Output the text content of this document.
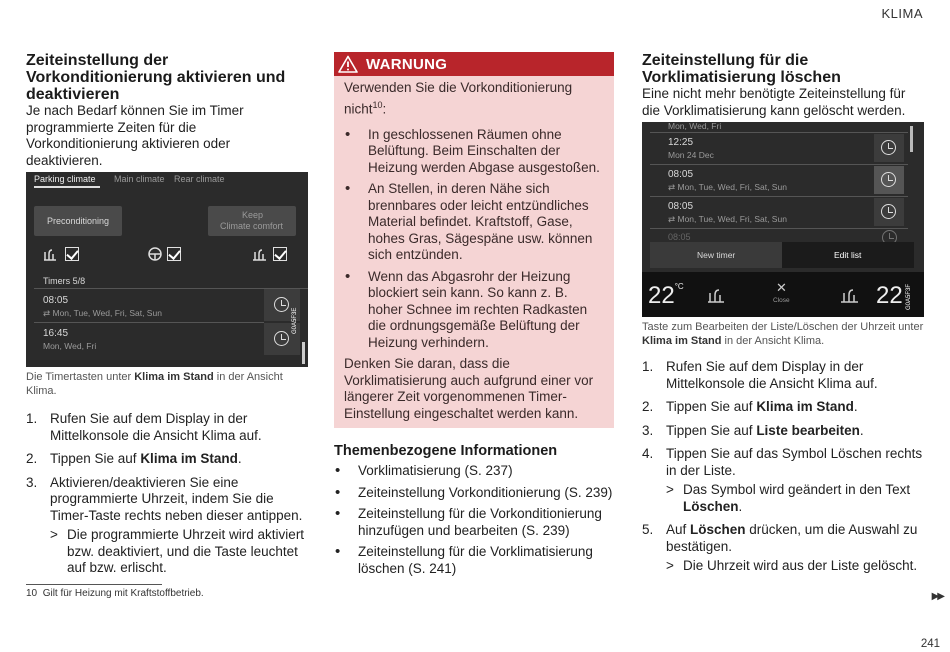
KLIMA
Zeiteinstellung der Vorkonditionierung aktivieren und deaktivieren

Je nach Bedarf können Sie im Timer programmierte Zeiten für die Vorkonditionierung aktivieren oder deaktivieren.

Parking climate Main climate Rear climate
Preconditioning
Keep
Climate comfort
Timers 5/8
08:05
⇄ Mon, Tue, Wed, Fri, Sat, Sun
16:45
Mon, Wed, Fri
G0A5F3E

Die Timertasten unter Klima im Stand in der Ansicht Klima.

1. Rufen Sie auf dem Display in der Mittelkonsole die Ansicht Klima auf.
2. Tippen Sie auf Klima im Stand.
3. Aktivieren/deaktivieren Sie eine programmierte Uhrzeit, indem Sie die Timer-Taste rechts neben dieser antippen.
> Die programmierte Uhrzeit wird aktiviert bzw. deaktiviert, und die Taste leuchtet auf bzw. erlischt.
WARNUNG

Verwenden Sie die Vorkonditionierung nicht$^{10}$:

• In geschlossenen Räumen ohne Belüftung. Beim Einschalten der Heizung werden Abgase ausgestoßen.
• An Stellen, in deren Nähe sich brennbares oder leicht entzündliches Material befindet. Kraftstoff, Gase, hohes Gras, Sägespäne usw. können sich entzünden.
• Wenn das Abgasrohr der Heizung blockiert sein kann. So kann z. B. hoher Schnee im rechten Radkasten die ordnungsgemäße Belüftung der Heizung verhindern.

Denken Sie daran, dass die Vorklimatisierung auch aufgrund einer vor längerer Zeit vorgenommenen Timer-Einstellung eingeschaltet werden kann.

Themenbezogene Informationen
• Vorklimatisierung (S. 237)
• Zeiteinstellung Vorkonditionierung (S. 239)
• Zeiteinstellung für die Vorkonditionierung hinzufügen und bearbeiten (S. 239)
• Zeiteinstellung für die Vorklimatisierung löschen (S. 241)
Zeiteinstellung für die Vorklimatisierung löschen

Eine nicht mehr benötigte Zeiteinstellung für die Vorklimatisierung kann gelöscht werden.

Mon, Wed, Fri
12:25
Mon 24 Dec
08:05
⇄ Mon, Tue, Wed, Fri, Sat, Sun
08:05
⇄ Mon, Tue, Wed, Fri, Sat, Sun
08:05
New timer	Edit list
$22^{^\circ C}$	✕
Close	22 G0A5F3F

Taste zum Bearbeiten der Liste/Löschen der Uhrzeit unter Klima im Stand in der Ansicht Klima.

1. Rufen Sie auf dem Display in der Mittelkonsole die Ansicht Klima auf.
2. Tippen Sie auf Klima im Stand.
3. Tippen Sie auf Liste bearbeiten.
4. Tippen Sie auf das Symbol Löschen rechts in der Liste.
> Das Symbol wird geändert in den Text Löschen.
5. Auf Löschen drücken, um die Auswahl zu bestätigen.
> Die Uhrzeit wird aus der Liste gelöscht.
10 Gilt für Heizung mit Kraftstoffbetrieb.	▶▶
241
